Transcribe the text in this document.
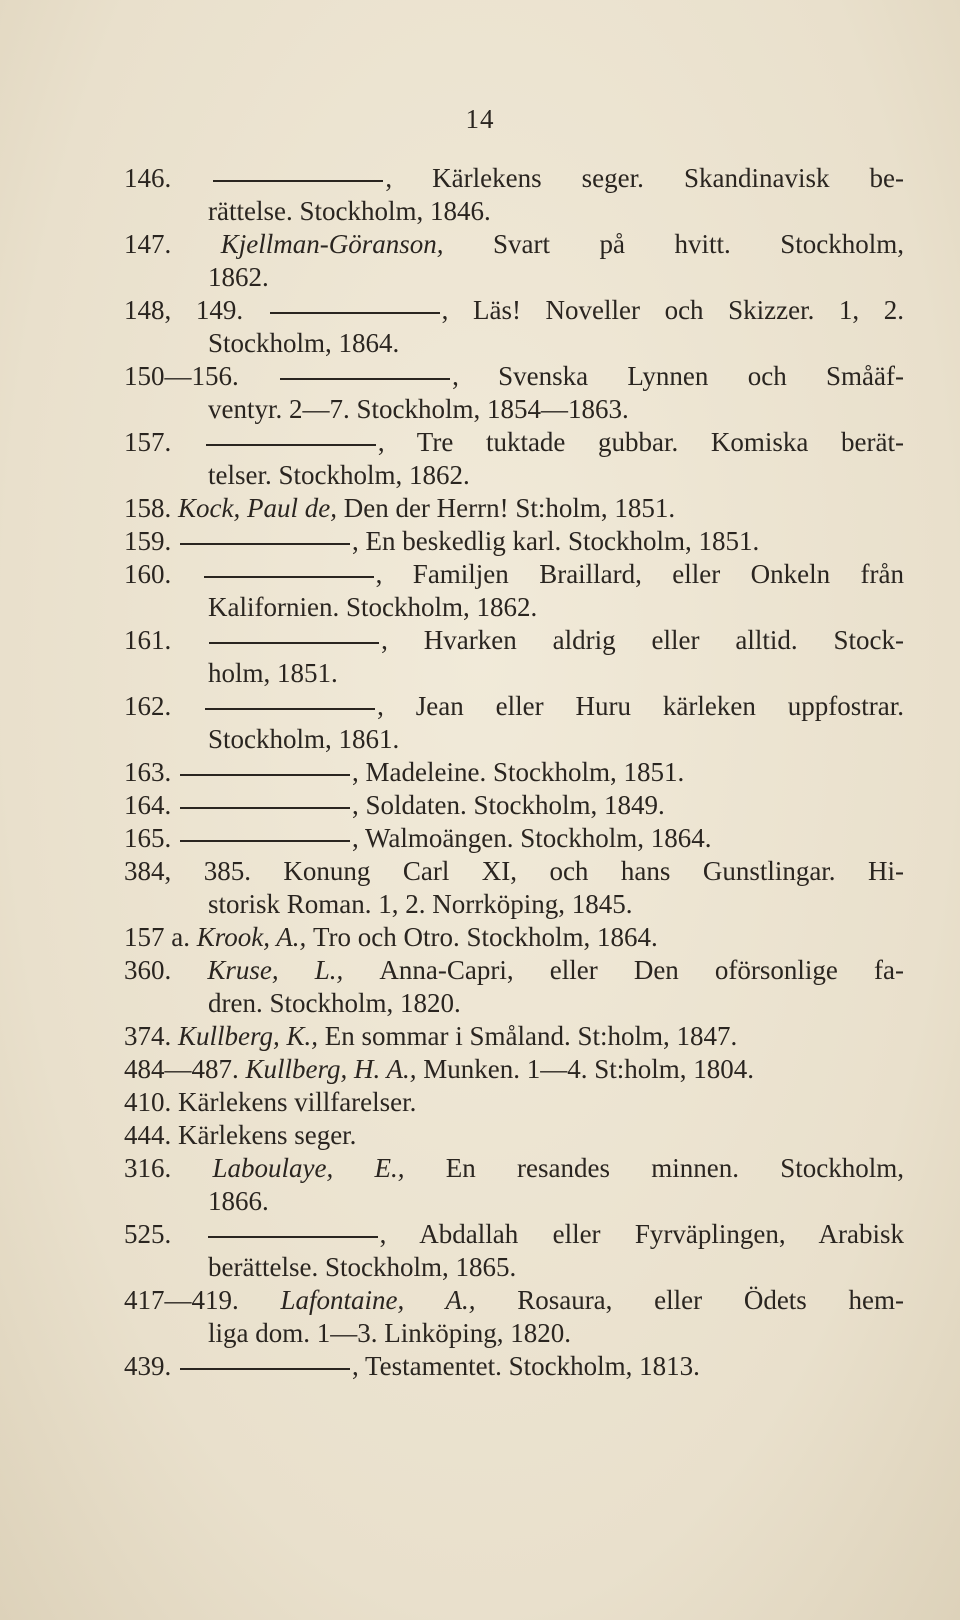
14
146.	, Kärlekens seger. Skandinavisk be-
rättelse. Stockholm, 1846.
147. Kjellman-Göranson, Svart på hvitt. Stockholm,
1862.
148, 149.	, Läs! Noveller och Skizzer. 1, 2.
Stockholm, 1864.
150—156.	, Svenska Lynnen och Småäf-
ventyr. 2—7. Stockholm, 1854—1863.
157.	, Tre tuktade gubbar. Komiska berät-
telser. Stockholm, 1862.
158. Kock, Paul de, Den der Herrn! St:holm, 1851.
159.	, En beskedlig karl. Stockholm, 1851.
160.	, Familjen Braillard, eller Onkeln från
Kalifornien. Stockholm, 1862.
161.	, Hvarken aldrig eller alltid. Stock-
holm, 1851.
162.	, Jean eller Huru kärleken uppfostrar.
Stockholm, 1861.
163.	, Madeleine. Stockholm, 1851.
164.	, Soldaten. Stockholm, 1849.
165.	, Walmoängen. Stockholm, 1864.
384, 385. Konung Carl XI, och hans Gunstlingar. Hi-
storisk Roman. 1, 2. Norrköping, 1845.
157 a. Krook, A., Tro och Otro. Stockholm, 1864.
360. Kruse, L., Anna-Capri, eller Den oförsonlige fa-
dren. Stockholm, 1820.
374. Kullberg, K., En sommar i Småland. St:holm, 1847.
484—487. Kullberg, H. A., Munken. 1—4. St:holm, 1804.
410. Kärlekens villfarelser.
444. Kärlekens seger.
316. Laboulaye, E., En resandes minnen. Stockholm,
1866.
525.	, Abdallah eller Fyrväplingen, Arabisk
berättelse. Stockholm, 1865.
417—419. Lafontaine, A., Rosaura, eller Ödets hem-
liga dom. 1—3. Linköping, 1820.
439.	, Testamentet. Stockholm, 1813.
